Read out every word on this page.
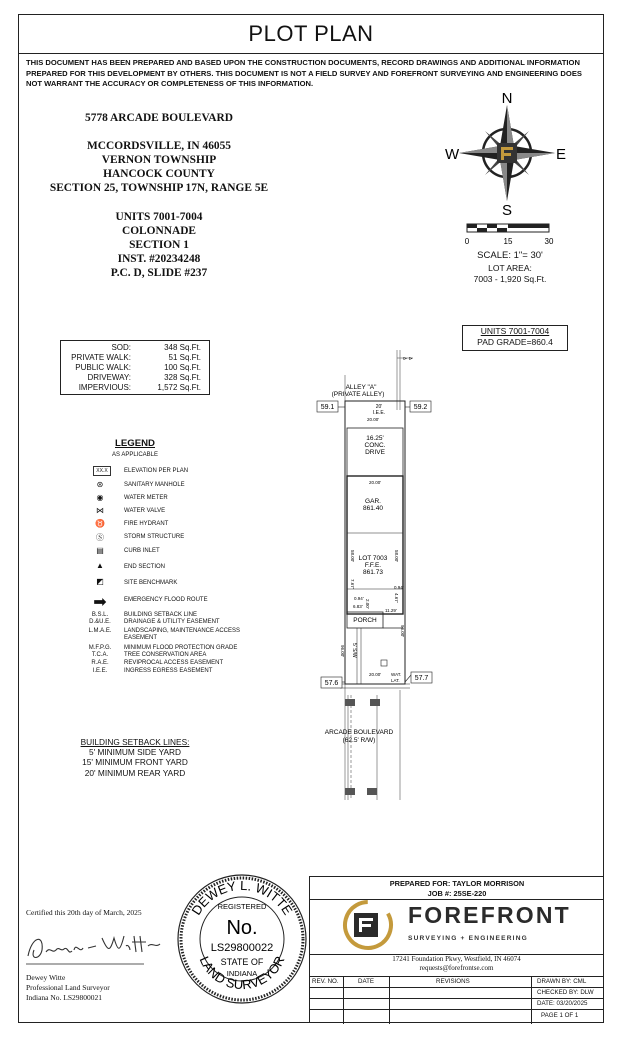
PLOT PLAN
THIS DOCUMENT HAS BEEN PREPARED AND BASED UPON THE CONSTRUCTION DOCUMENTS, RECORD DRAWINGS AND ADDITIONAL INFORMATION PREPARED FOR THIS DEVELOPMENT BY OTHERS. THIS DOCUMENT IS NOT A FIELD SURVEY AND FOREFRONT SURVEYING AND ENGINEERING DOES NOT WARRANT THE ACCURACY OR COMPLETENESS OF THIS INFORMATION.
5778 ARCADE BOULEVARD
MCCORDSVILLE, IN 46055
VERNON TOWNSHIP
HANCOCK COUNTY
SECTION 25, TOWNSHIP 17N, RANGE 5E
UNITS 7001-7004
COLONNADE
SECTION 1
INST. #20234248
P.C. D, SLIDE #237
SOD:	348 Sq.Ft.
PRIVATE WALK:	51 Sq.Ft.
PUBLIC WALK:	100 Sq.Ft.
DRIVEWAY:	328 Sq.Ft.
IMPERVIOUS:	1,572 Sq.Ft.
LEGEND
AS APPLICABLE
XX.X	ELEVATION PER PLAN
⊛	SANITARY MANHOLE
◉	WATER METER
⋈	WATER VALVE
♉	FIRE HYDRANT
Ⓢ	STORM STRUCTURE
▤	CURB INLET
▲	END SECTION
◩	SITE BENCHMARK
➡	EMERGENCY FLOOD ROUTE
B.S.L.	BUILDING SETBACK LINE
D.&U.E.	DRAINAGE & UTILITY EASEMENT
L.M.A.E.	LANDSCAPING, MAINTENANCE ACCESS EASEMENT
M.F.P.G.	MINIMUM FLOOD PROTECTION GRADE
T.C.A.	TREE CONSERVATION AREA
R.A.E.	REVIPROCAL ACCESS EASEMENT
I.E.E.	INGRESS EGRESS EASEMENT
BUILDING SETBACK LINES:
5' MINIMUM SIDE YARD
15' MINIMUM FRONT YARD
20' MINIMUM REAR YARD
N
S
W	E
0	15	30
SCALE: 1"= 30'
LOT AREA:
7003 - 1,920 Sq.Ft.
UNITS 7001-7004
PAD GRADE=860.4
⊳ ⊳
ALLEY "A"
(PRIVATE ALLEY)
20'
I.E.E.
20.00'
16.25'
CONC.
DRIVE
20.00'
GAR.
861.40
LOT 7003
F.F.E.
861.73
0.94'
0.94'
6.83'
11.29'
PORCH
20.00' WAT.
LAT.
58.00'	58.00'
96.00'
96.00'
7.67'
2.00'
4.67'
5' S/W
59.1	59.2
57.7
57.6
ARCADE BOULEVARD
(62.5' R/W)
Certified this 20th day of March, 2025
Dewey L. Witte
Dewey Witte
Professional Land Surveyor
Indiana No. LS29800021
DEWEY L. WITTE
LAND SURVEYOR
REGISTERED
No.
LS29800022
STATE OF
INDIANA
PREPARED FOR: TAYLOR MORRISON
JOB #: 25SE-220
REV. NO.	DATE	REVISIONS	DRAWN BY: CML
CHECKED BY: DLW
DATE: 03/20/2025
PAGE 1 OF 1
FOREFRONT
SURVEYING + ENGINEERING
17241 Foundation Pkwy, Westfield, IN 46074
requests@forefrontse.com
